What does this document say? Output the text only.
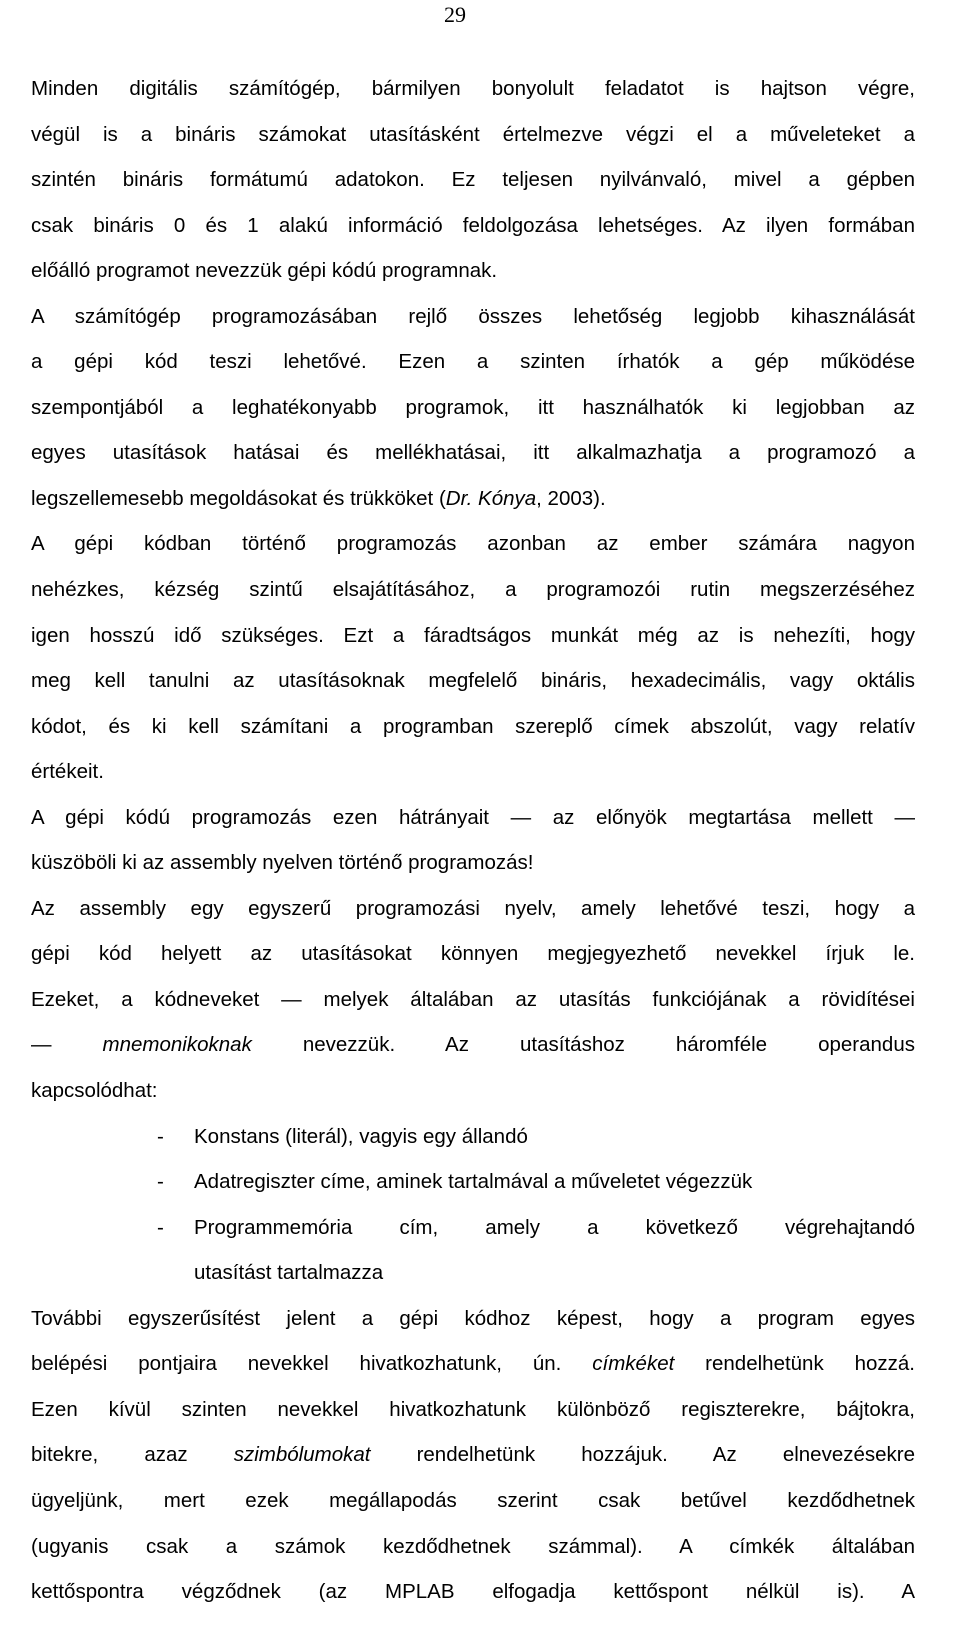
29
Minden digitális számítógép, bármilyen bonyolult feladatot is hajtson végre,
végül is a bináris számokat utasításként értelmezve végzi el a műveleteket a
szintén bináris formátumú adatokon. Ez teljesen nyilvánvaló, mivel a gépben
csak bináris 0 és 1 alakú információ feldolgozása lehetséges. Az ilyen formában
előálló programot nevezzük gépi kódú programnak.
A számítógép programozásában rejlő összes lehetőség legjobb kihasználását
a gépi kód teszi lehetővé. Ezen a szinten írhatók a gép működése
szempontjából a leghatékonyabb programok, itt használhatók ki legjobban az
egyes utasítások hatásai és mellékhatásai, itt alkalmazhatja a programozó a
legszellemesebb megoldásokat és trükköket (Dr. Kónya, 2003).
A gépi kódban történő programozás azonban az ember számára nagyon
nehézkes, kézség szintű elsajátításához, a programozói rutin megszerzéséhez
igen hosszú idő szükséges. Ezt a fáradtságos munkát még az is nehezíti, hogy
meg kell tanulni az utasításoknak megfelelő bináris, hexadecimális, vagy oktális
kódot, és ki kell számítani a programban szereplő címek abszolút, vagy relatív
értékeit.
A gépi kódú programozás ezen hátrányait — az előnyök megtartása mellett —
küszöböli ki az assembly nyelven történő programozás!
Az assembly egy egyszerű programozási nyelv, amely lehetővé teszi, hogy a
gépi kód helyett az utasításokat könnyen megjegyezhető nevekkel írjuk le.
Ezeket, a kódneveket — melyek általában az utasítás funkciójának a rövidítései
— mnemonikoknak nevezzük. Az utasításhoz háromféle operandus
kapcsolódhat:
- Konstans (literál), vagyis egy állandó
- Adatregiszter címe, aminek tartalmával a műveletet végezzük
- Programmemória cím, amely a következő végrehajtandó
utasítást tartalmazza
További egyszerűsítést jelent a gépi kódhoz képest, hogy a program egyes
belépési pontjaira nevekkel hivatkozhatunk, ún. címkéket rendelhetünk hozzá.
Ezen kívül szinten nevekkel hivatkozhatunk különböző regiszterekre, bájtokra,
bitekre, azaz szimbólumokat rendelhetünk hozzájuk. Az elnevezésekre
ügyeljünk, mert ezek megállapodás szerint csak betűvel kezdődhetnek
(ugyanis csak a számok kezdődhetnek számmal). A címkék általában
kettőspontra végződnek (az MPLAB elfogadja kettőspont nélkül is). A
